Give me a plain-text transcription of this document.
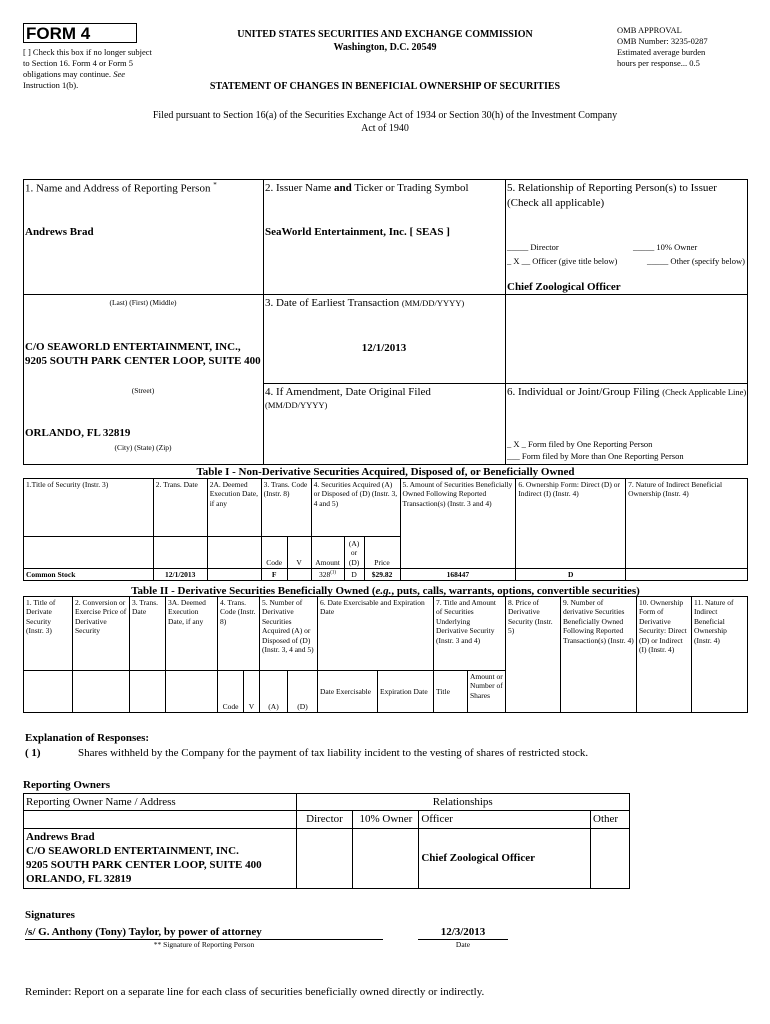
FORM 4
[ ] Check this box if no longer subject to Section 16. Form 4 or Form 5 obligations may continue. See Instruction 1(b).
UNITED STATES SECURITIES AND EXCHANGE COMMISSION
Washington, D.C. 20549
STATEMENT OF CHANGES IN BENEFICIAL OWNERSHIP OF SECURITIES
Filed pursuant to Section 16(a) of the Securities Exchange Act of 1934 or Section 30(h) of the Investment Company Act of 1940
OMB APPROVAL
OMB Number: 3235-0287
Estimated average burden
hours per response... 0.5
1. Name and Address of Reporting Person *
Andrews Brad
(Last) (First) (Middle)
C/O SEAWORLD ENTERTAINMENT, INC., 9205 SOUTH PARK CENTER LOOP, SUITE 400
(Street)
ORLANDO, FL 32819
(City) (State) (Zip)
2. Issuer Name and Ticker or Trading Symbol
SeaWorld Entertainment, Inc. [ SEAS ]
3. Date of Earliest Transaction (MM/DD/YYYY)
12/1/2013
4. If Amendment, Date Original Filed
(MM/DD/YYYY)
5. Relationship of Reporting Person(s) to Issuer
(Check all applicable)
_____ Director	_____ 10% Owner
_ X __ Officer (give title below)	_____ Other (specify below)
Chief Zoological Officer
6. Individual or Joint/Group Filing (Check Applicable Line)
_ X _ Form filed by One Reporting Person
___ Form filed by More than One Reporting Person
Table I - Non-Derivative Securities Acquired, Disposed of, or Beneficially Owned
1.Title of Security (Instr. 3)	2. Trans. Date	2A. Deemed Execution Date, if any	3. Trans. Code (Instr. 8)		4. Securities Acquired (A) or Disposed of (D) (Instr. 3, 4 and 5)			5. Amount of Securities Beneficially Owned Following Reported Transaction(s) (Instr. 3 and 4)	6. Ownership Form: Direct (D) or Indirect (I) (Instr. 4)	7. Nature of Indirect Beneficial Ownership (Instr. 4)
			Code	V	Amount	(A) or (D)	Price			
Common Stock	12/1/2013		F		328$^{(1)}$	D	$29.82	168447	D	
Table II - Derivative Securities Beneficially Owned (e.g., puts, calls, warrants, options, convertible securities)
1. Title of Derivate Security (Instr. 3)	2. Conversion or Exercise Price of Derivative Security	3. Trans. Date	3A. Deemed Execution Date, if any	4. Trans. Code (Instr. 8)		5. Number of Derivative Securities Acquired (A) or Disposed of (D) (Instr. 3, 4 and 5)		6. Date Exercisable and Expiration Date		7. Title and Amount of Securities Underlying Derivative Security (Instr. 3 and 4)		8. Price of Derivative Security (Instr. 5)	9. Number of derivative Securities Beneficially Owned Following Reported Transaction(s) (Instr. 4)	10. Ownership Form of Derivative Security: Direct (D) or Indirect (I) (Instr. 4)	11. Nature of Indirect Beneficial Ownership (Instr. 4)
				Code	V	(A)	(D)	Date Exercisable	Expiration Date	Title	Amount or Number of Shares				
Explanation of Responses:
( 1)	Shares withheld by the Company for the payment of tax liability incident to the vesting of shares of restricted stock.
Reporting Owners
Reporting Owner Name / Address	Relationships			
	Director	10% Owner	Officer	Other

Andrews Brad
C/O SEAWORLD ENTERTAINMENT, INC.
9205 SOUTH PARK CENTER LOOP, SUITE 400
ORLANDO, FL 32819			Chief Zoological Officer	
Signatures
/s/ G. Anthony (Tony) Taylor, by power of attorney
** Signature of Reporting Person
12/3/2013
Date
Reminder: Report on a separate line for each class of securities beneficially owned directly or indirectly.
